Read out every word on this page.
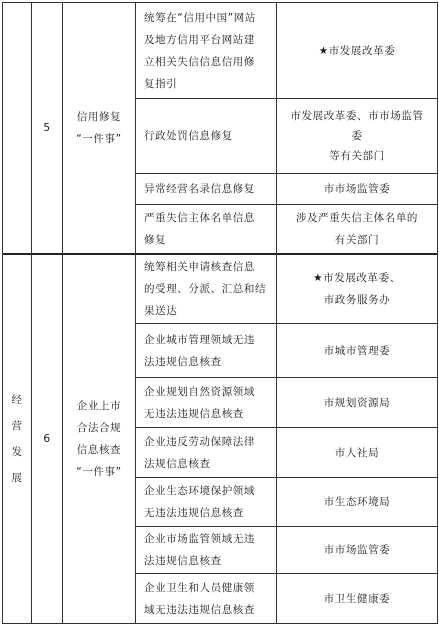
5
信用修复
“一件事”
统筹在“信用中国”网站
及地方信用平台网站建
立相关失信信息信用修
复指引
★市发展改革委
行政处罚信息修复
市发展改革委、市市场监管
委
等有关部门
异常经营名录信息修复	市市场监管委
严重失信主体名单信息
修复
涉及严重失信主体名单的
有关部门
经
营
发
展
6
企业上市
合法合规
信息核查
“一件事”
统筹相关申请核查信息
的受理、分派、汇总和结
果送达
★市发展改革委、
市政务服务办
企业城市管理领域无违
法违规信息核查
市城市管理委
企业规划自然资源领域
无违法违规信息核查
市规划资源局
企业违反劳动保障法律
法规信息核查
市人社局
企业生态环境保护领域
无违法违规信息核查
市生态环境局
企业市场监管领域无违
法违规信息核查
市市场监管委
企业卫生和人员健康领
域无违法违规信息核查
市卫生健康委
